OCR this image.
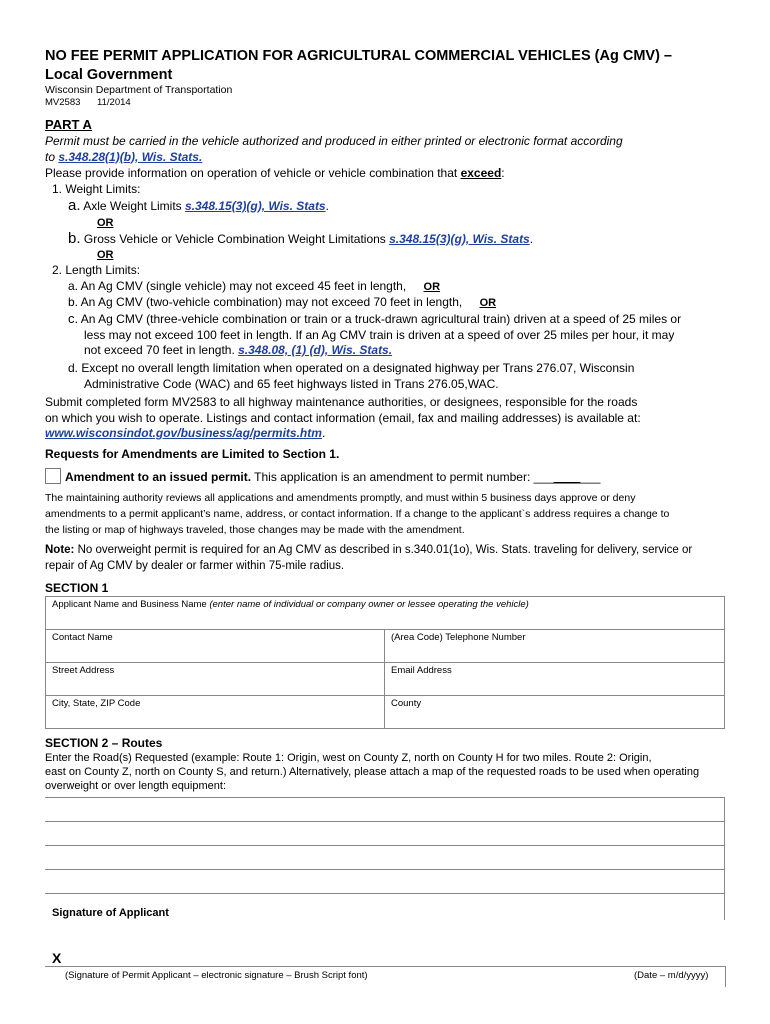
NO FEE PERMIT APPLICATION FOR AGRICULTURAL COMMERCIAL VEHICLES (Ag CMV) –
Local Government
Wisconsin Department of Transportation
MV2583 11/2014
PART A
Permit must be carried in the vehicle authorized and produced in either printed or electronic format according
to s.348.28(1)(b), Wis. Stats.
Please provide information on operation of vehicle or vehicle combination that exceed:
1. Weight Limits:
a. Axle Weight Limits s.348.15(3)(g), Wis. Stats.
OR
b. Gross Vehicle or Vehicle Combination Weight Limitations s.348.15(3)(g), Wis. Stats.
OR
2. Length Limits:
a. An Ag CMV (single vehicle) may not exceed 45 feet in length, OR
b. An Ag CMV (two-vehicle combination) may not exceed 70 feet in length, OR
c. An Ag CMV (three-vehicle combination or train or a truck-drawn agricultural train) driven at a speed of 25 miles or
less may not exceed 100 feet in length. If an Ag CMV train is driven at a speed of over 25 miles per hour, it may
not exceed 70 feet in length. s.348.08, (1) (d), Wis. Stats.
d. Except no overall length limitation when operated on a designated highway per Trans 276.07, Wisconsin
Administrative Code (WAC) and 65 feet highways listed in Trans 276.05,WAC.
Submit completed form MV2583 to all highway maintenance authorities, or designees, responsible for the roads
on which you wish to operate. Listings and contact information (email, fax and mailing addresses) is available at:
www.wisconsindot.gov/business/ag/permits.htm.
Requests for Amendments are Limited to Section 1.
Amendment to an issued permit. This application is an amendment to permit number: __________
The maintaining authority reviews all applications and amendments promptly, and must within 5 business days approve or deny
amendments to a permit applicant’s name, address, or contact information. If a change to the applicant`s address requires a change to
the listing or map of highways traveled, those changes may be made with the amendment.
Note: No overweight permit is required for an Ag CMV as described in s.340.01(1o), Wis. Stats. traveling for delivery, service or
repair of Ag CMV by dealer or farmer within 75-mile radius.
SECTION 1
Applicant Name and Business Name (enter name of individual or company owner or lessee operating the vehicle)	
Contact Name	(Area Code) Telephone Number
Street Address	Email Address
City, State, ZIP Code	County
SECTION 2 – Routes
Enter the Road(s) Requested (example: Route 1: Origin, west on County Z, north on County H for two miles. Route 2: Origin,
east on County Z, north on County S, and return.) Alternatively, please attach a map of the requested roads to be used when operating
overweight or over length equipment:
Signature of Applicant
X
(Signature of Permit Applicant – electronic signature – Brush Script font)	(Date – m/d/yyyy)
